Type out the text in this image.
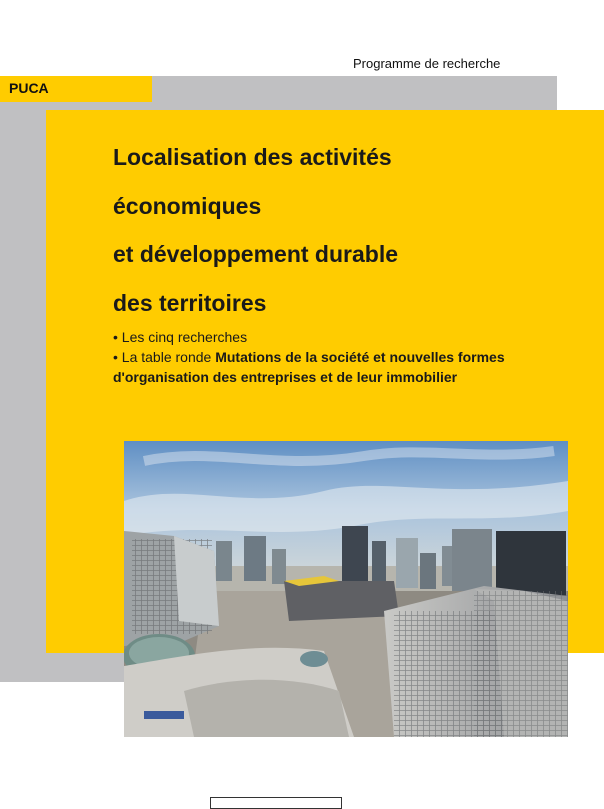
Programme de recherche
PUCA
Localisation des activités
économiques
et développement durable
des territoires
• Les cinq recherches
• La table ronde Mutations de la société et nouvelles formes d'organisation des entreprises et de leur immobilier
